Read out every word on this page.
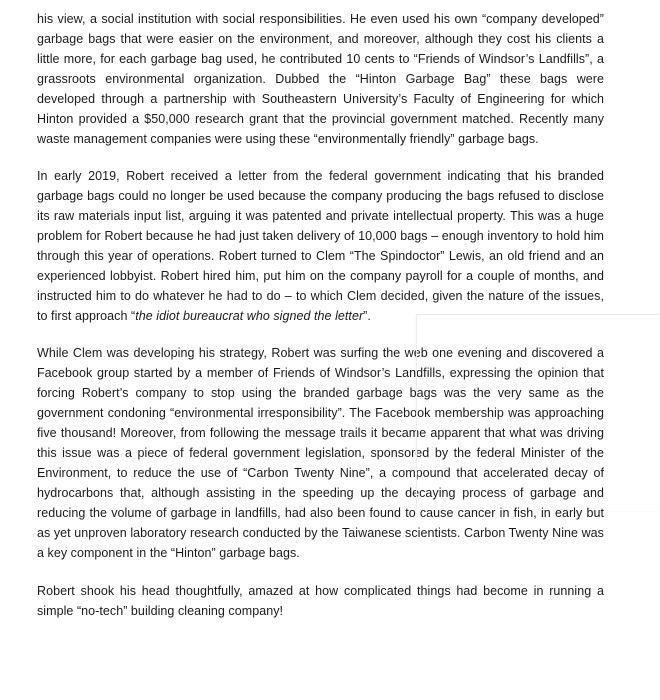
his view, a social institution with social responsibilities. He even used his own “company developed” garbage bags that were easier on the environment, and moreover, although they cost his clients a little more, for each garbage bag used, he contributed 10 cents to “Friends of Windsor’s Landfills”, a grassroots environmental organization. Dubbed the “Hinton Garbage Bag” these bags were developed through a partnership with Southeastern University’s Faculty of Engineering for which Hinton provided a $50,000 research grant that the provincial government matched. Recently many waste management companies were using these “environmentally friendly” garbage bags.

In early 2019, Robert received a letter from the federal government indicating that his branded garbage bags could no longer be used because the company producing the bags refused to disclose its raw materials input list, arguing it was patented and private intellectual property. This was a huge problem for Robert because he had just taken delivery of 10,000 bags – enough inventory to hold him through this year of operations. Robert turned to Clem “The Spindoctor” Lewis, an old friend and an experienced lobbyist. Robert hired him, put him on the company payroll for a couple of months, and instructed him to do whatever he had to do – to which Clem decided, given the nature of the issues, to first approach “the idiot bureaucrat who signed the letter”.

While Clem was developing his strategy, Robert was surfing the web one evening and discovered a Facebook group started by a member of Friends of Windsor’s Landfills, expressing the opinion that forcing Robert’s company to stop using the branded garbage bags was the very same as the government condoning “environmental irresponsibility”. The Facebook membership was approaching five thousand! Moreover, from following the message trails it became apparent that what was driving this issue was a piece of federal government legislation, sponsored by the federal Minister of the Environment, to reduce the use of “Carbon Twenty Nine”, a compound that accelerated decay of hydrocarbons that, although assisting in the speeding up the decaying process of garbage and reducing the volume of garbage in landfills, had also been found to cause cancer in fish, in early but as yet unproven laboratory research conducted by the Taiwanese scientists. Carbon Twenty Nine was a key component in the “Hinton” garbage bags.

Robert shook his head thoughtfully, amazed at how complicated things had become in running a simple “no-tech” building cleaning company!
